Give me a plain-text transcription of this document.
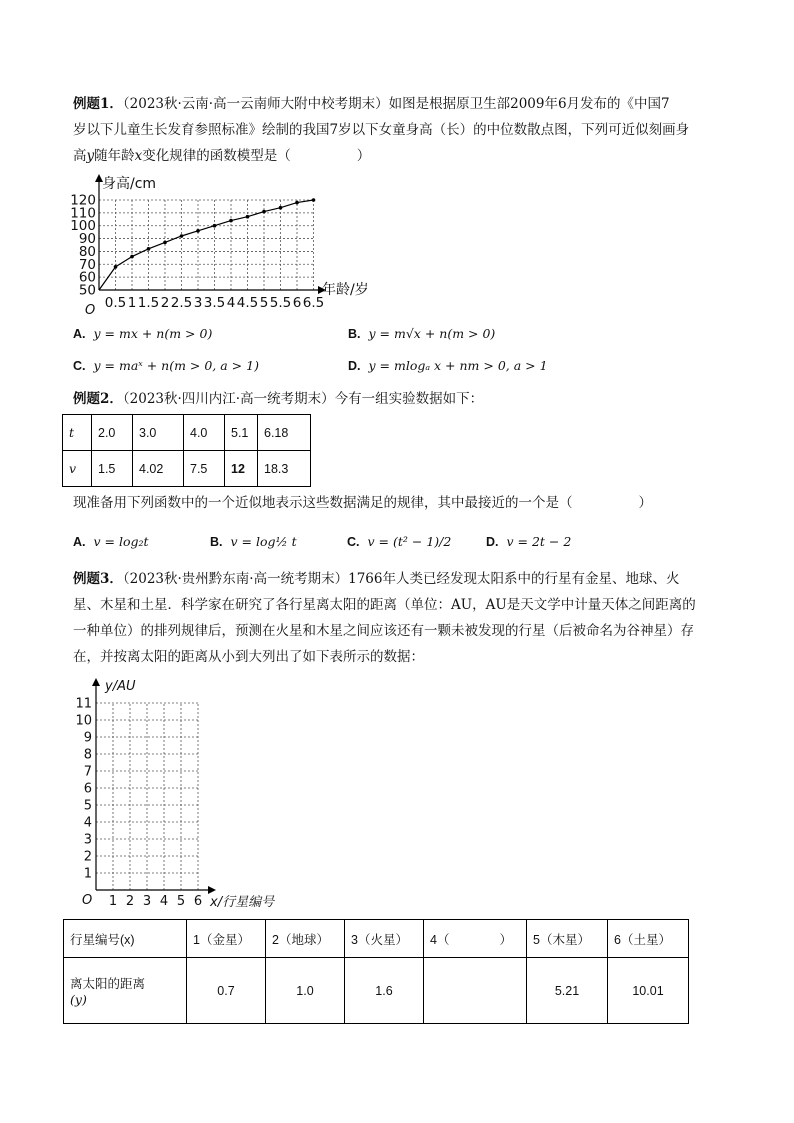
例题1．（2023秋·云南·高一云南师大附中校考期末）如图是根据原卫生部2009年6月发布的《中国7

岁以下儿童生长发育参照标准》绘制的我国7岁以下女童身高（长）的中位数散点图，下列可近似刻画身

高y随年龄x变化规律的函数模型是（	）

50
60
70
80
90
100
110
120
0.5 1 1.5 2 2.5 3 3.5 4 4.5 5 5.5 6 6.5
身高/cm
年龄/岁
O
A. y = mx + n(m > 0)	B. y = m√x + n(m > 0)
C. y = maˣ + n(m > 0, a > 1)	D. y = mlogₐ x + nm > 0, a > 1

例题2．（2023秋·四川内江·高一统考期末）今有一组实验数据如下：

t	2.0	3.0	4.0	5.1	6.18
v	1.5	4.02	7.5	12	18.3

现准备用下列函数中的一个近似地表示这些数据满足的规律，其中最接近的一个是（	）

A. v = log₂t	B. v = log½ t	C. v = (t² − 1)/2	D. v = 2t − 2

例题3．（2023秋·贵州黔东南·高一统考期末）1766年人类已经发现太阳系中的行星有金星、地球、火

星、木星和土星．科学家在研究了各行星离太阳的距离（单位：AU，AU是天文学中计量天体之间距离的

一种单位）的排列规律后，预测在火星和木星之间应该还有一颗未被发现的行星（后被命名为谷神星）存

在，并按离太阳的距离从小到大列出了如下表所示的数据：

1
2
3
4
5
6
7
8
9
10
11
1 2 3 4 5 6
y/AU
x/行星编号
O
行星编号(x)	1（金星）	2（地球）	3（火星）	4（　　　　）	5（木星）	6（土星）

离太阳的距离
(y)	0.7	1.0	1.6		5.21	10.01
